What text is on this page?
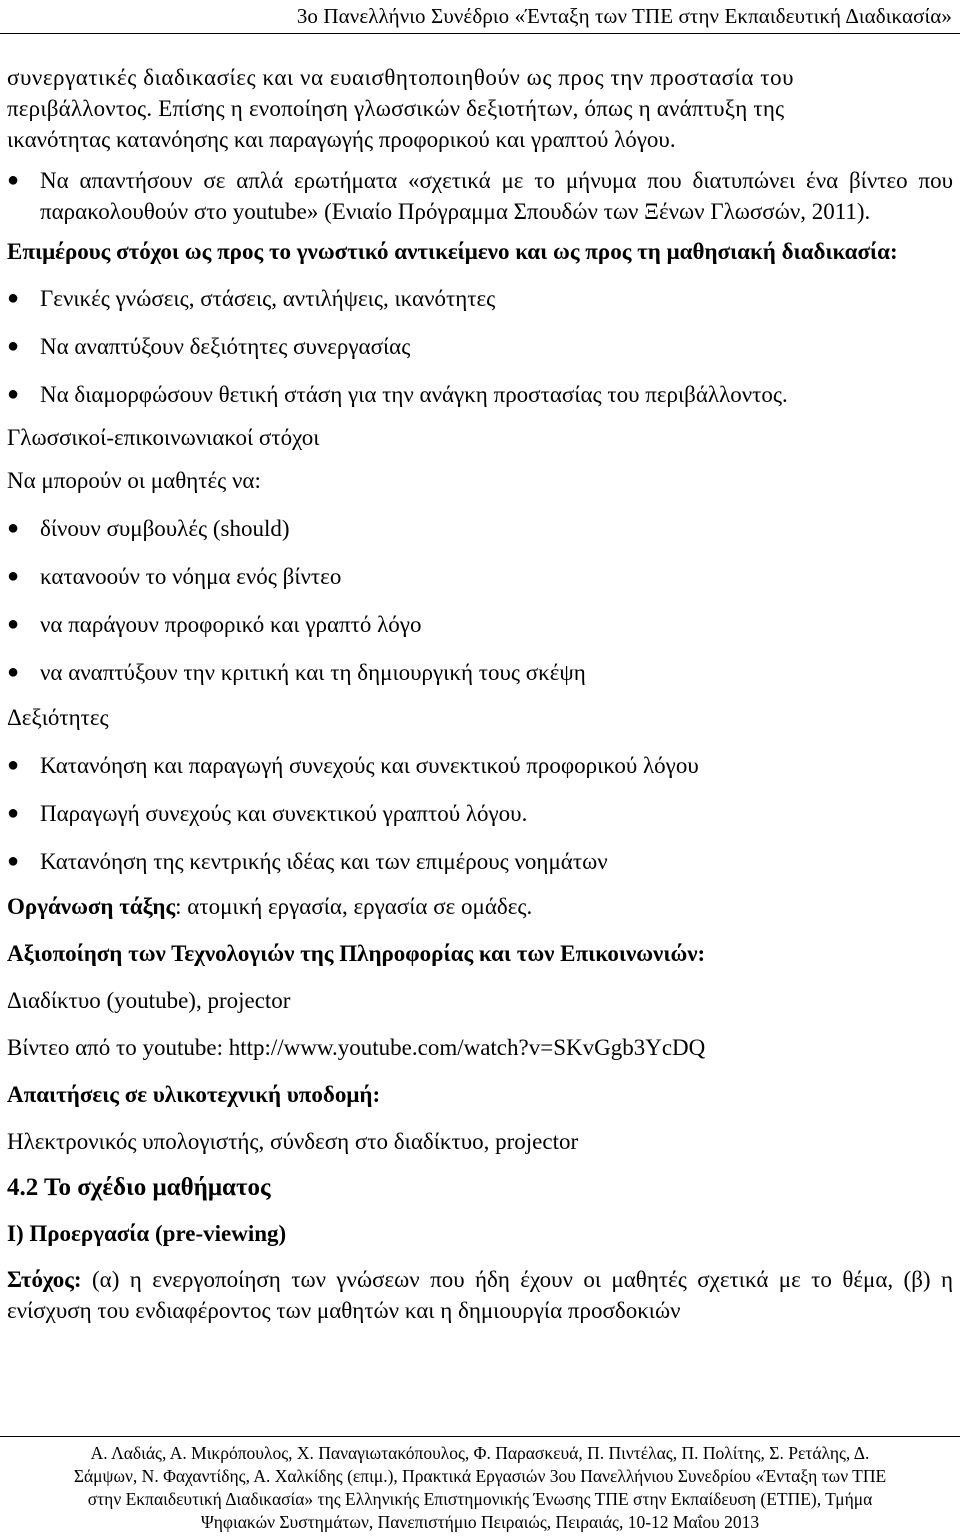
3ο Πανελλήνιο Συνέδριο «Ένταξη των ΤΠΕ στην Εκπαιδευτική Διαδικασία»

συνεργατικές διαδικασίες και να ευαισθητοποιηθούν ως προς την προστασία του

περιβάλλοντος. Επίσης η ενοποίηση γλωσσικών δεξιοτήτων, όπως η ανάπτυξη της

ικανότητας κατανόησης και παραγωγής προφορικού και γραπτού λόγου.

● Να απαντήσουν σε απλά ερωτήματα «σχετικά με το μήνυμα που διατυπώνει ένα βίντεο που παρακολουθούν στο youtube» (Ενιαίο Πρόγραμμα Σπουδών των Ξένων Γλωσσών, 2011).

Επιμέρους στόχοι ως προς το γνωστικό αντικείμενο και ως προς τη μαθησιακή διαδικασία:

● Γενικές γνώσεις, στάσεις, αντιλήψεις, ικανότητες
● Να αναπτύξουν δεξιότητες συνεργασίας
● Να διαμορφώσουν θετική στάση για την ανάγκη προστασίας του περιβάλλοντος.

Γλωσσικοί-επικοινωνιακοί στόχοι

Να μπορούν οι μαθητές να:

● δίνουν συμβουλές (should)
● κατανοούν το νόημα ενός βίντεο
● να παράγουν προφορικό και γραπτό λόγο
● να αναπτύξουν την κριτική και τη δημιουργική τους σκέψη

Δεξιότητες

● Κατανόηση και παραγωγή συνεχούς και συνεκτικού προφορικού λόγου
● Παραγωγή συνεχούς και συνεκτικού γραπτού λόγου.
● Κατανόηση της κεντρικής ιδέας και των επιμέρους νοημάτων

Οργάνωση τάξης: ατομική εργασία, εργασία σε ομάδες.

Αξιοποίηση των Τεχνολογιών της Πληροφορίας και των Επικοινωνιών:

Διαδίκτυο (youtube), projector

Βίντεο από το youtube: http://www.youtube.com/watch?v=SKvGgb3YcDQ

Απαιτήσεις σε υλικοτεχνική υποδομή:

Ηλεκτρονικός υπολογιστής, σύνδεση στο διαδίκτυο, projector

4.2 Το σχέδιο μαθήματος

Ι) Προεργασία (pre-viewing)

Στόχος: (α) η ενεργοποίηση των γνώσεων που ήδη έχουν οι μαθητές σχετικά με το θέμα, (β) η ενίσχυση του ενδιαφέροντος των μαθητών και η δημιουργία προσδοκιών

Α. Λαδιάς, Α. Μικρόπουλος, Χ. Παναγιωτακόπουλος, Φ. Παρασκευά, Π. Πιντέλας, Π. Πολίτης, Σ. Ρετάλης, Δ.
Σάμψων, Ν. Φαχαντίδης, Α. Χαλκίδης (επιμ.), Πρακτικά Εργασιών 3ου Πανελλήνιου Συνεδρίου «Ένταξη των ΤΠΕ
στην Εκπαιδευτική Διαδικασία» της Ελληνικής Επιστημονικής Ένωσης ΤΠΕ στην Εκπαίδευση (ΕΤΠΕ), Τμήμα
Ψηφιακών Συστημάτων, Πανεπιστήμιο Πειραιώς, Πειραιάς, 10-12 Μαΐου 2013
